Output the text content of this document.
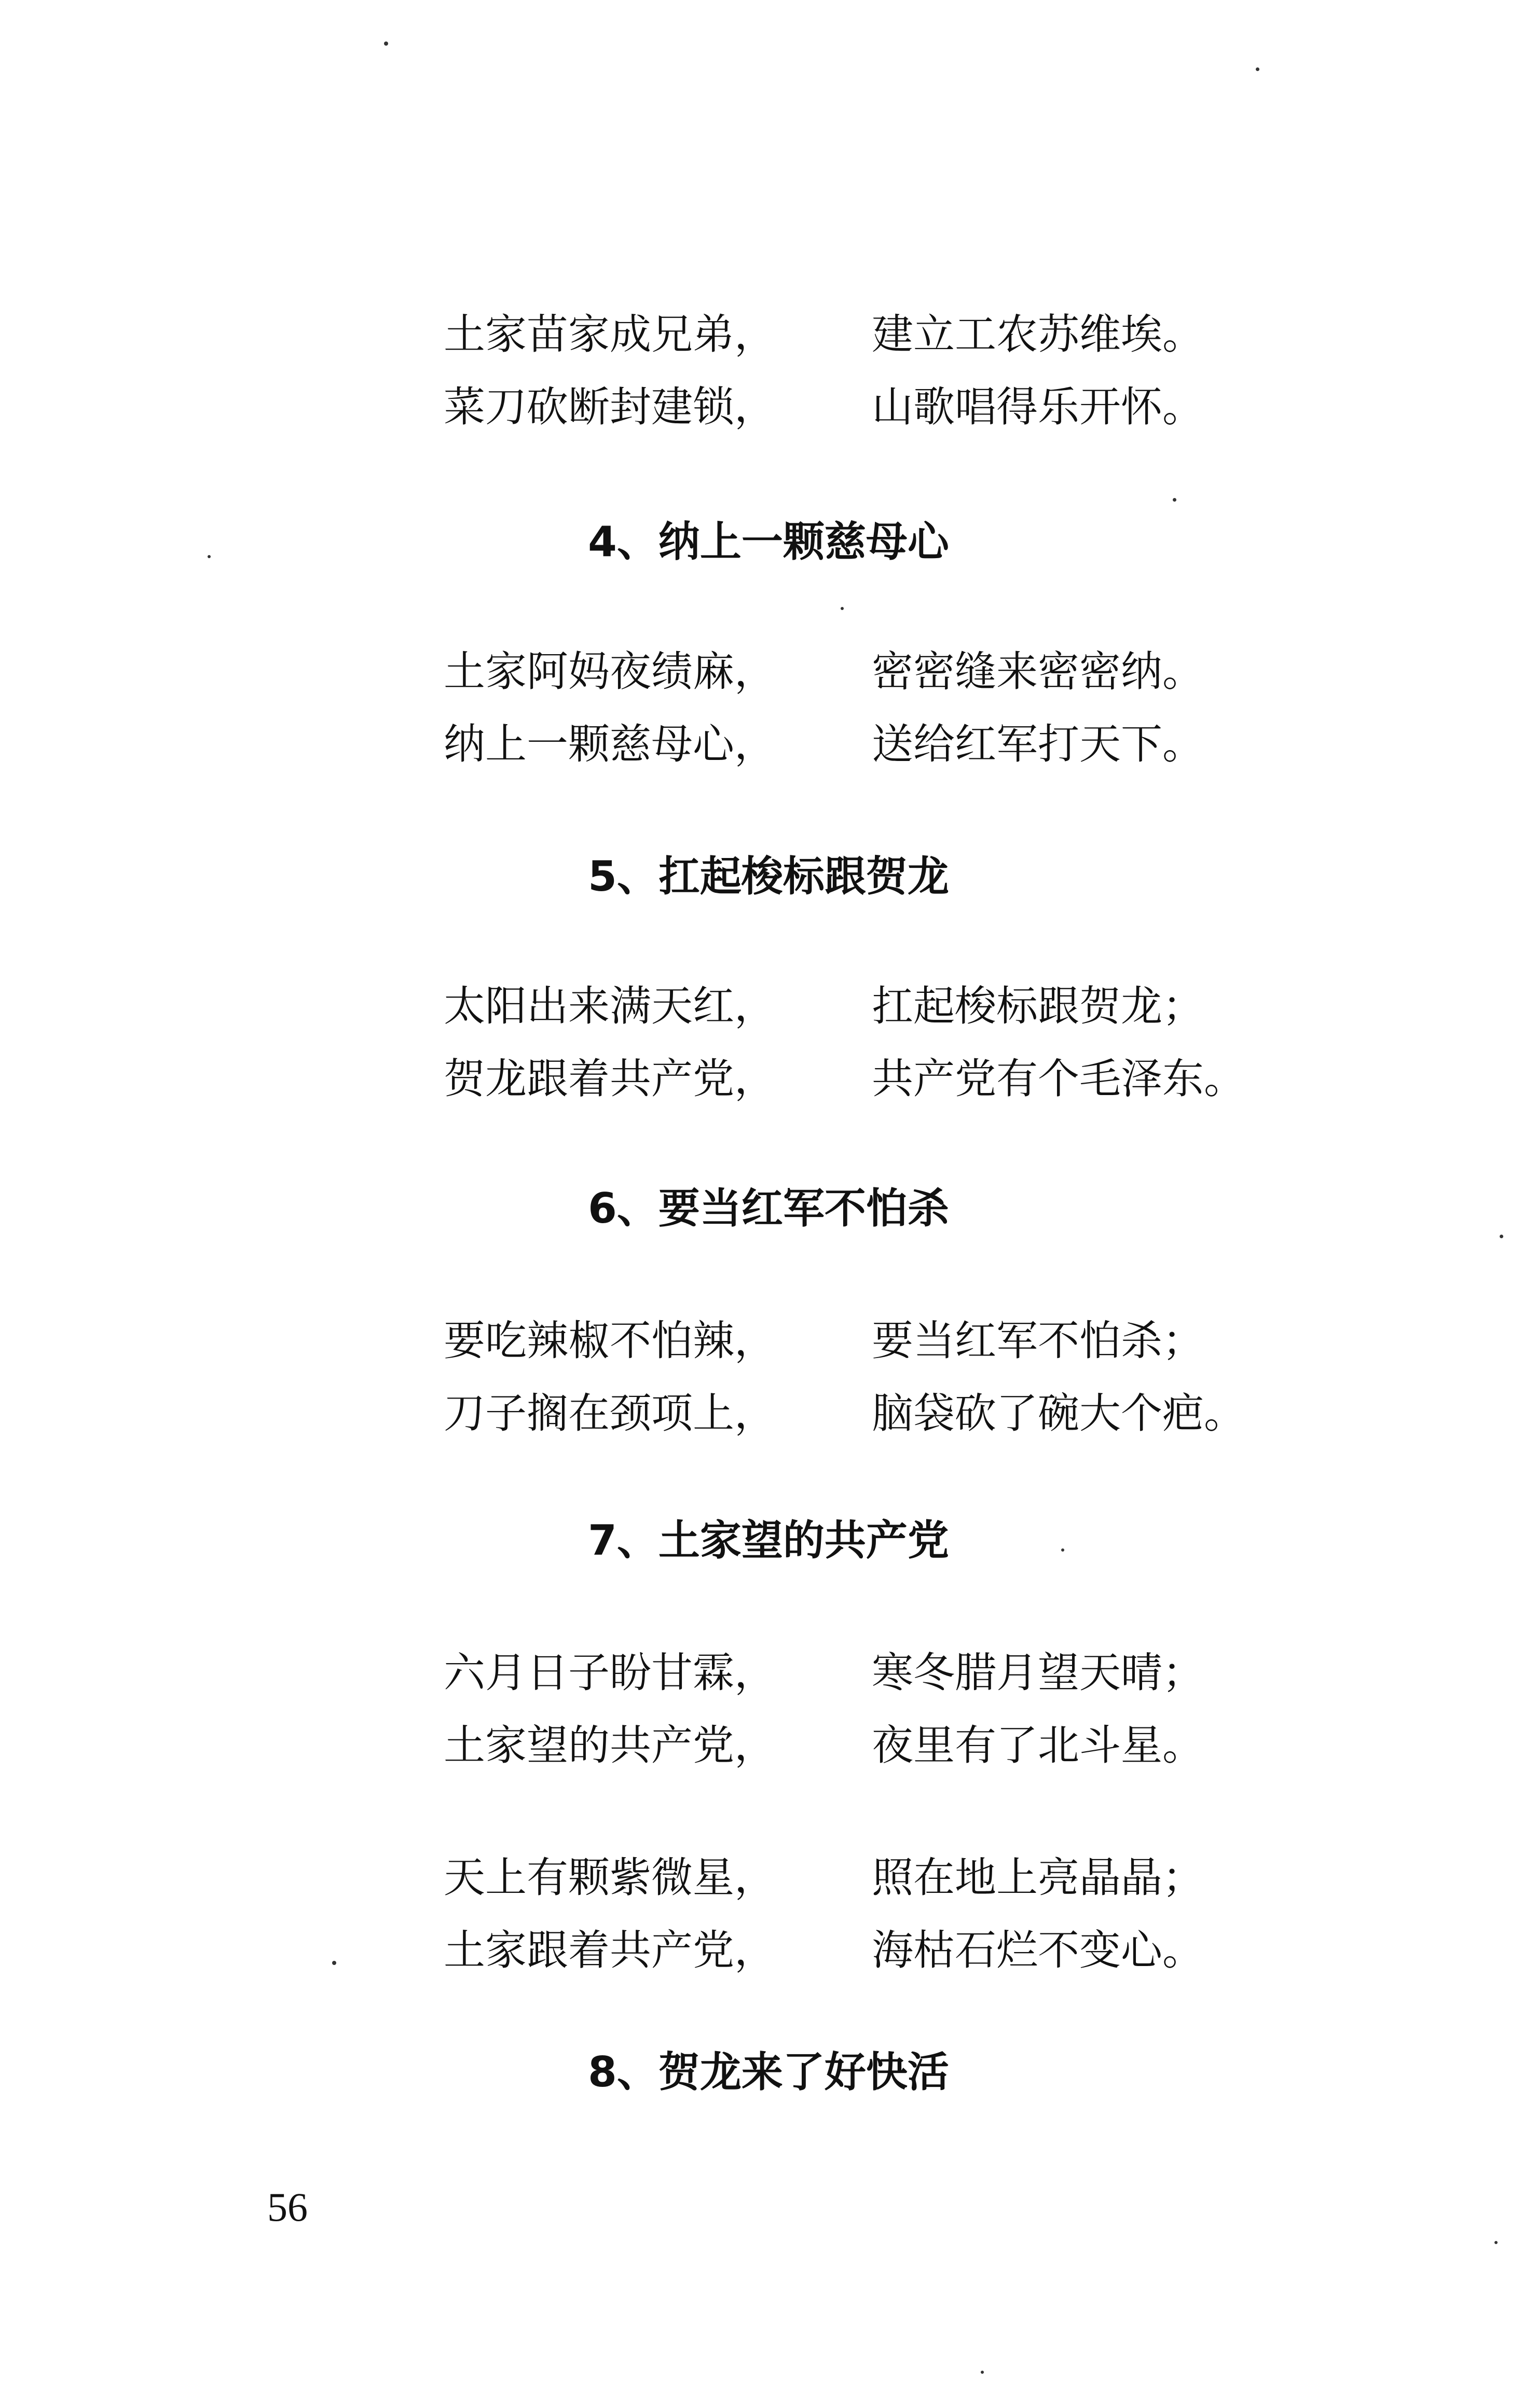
土家苗家成兄弟， 建立工农苏维埃。
菜刀砍断封建锁， 山歌唱得乐开怀。
4、纳上一颗慈母心
土家阿妈夜绩麻， 密密缝来密密纳。
纳上一颗慈母心， 送给红军打天下。
5、扛起梭标跟贺龙
太阳出来满天红， 扛起梭标跟贺龙；
贺龙跟着共产党， 共产党有个毛泽东。
6、要当红军不怕杀
要吃辣椒不怕辣， 要当红军不怕杀；
刀子搁在颈项上， 脑袋砍了碗大个疤。
7、土家望的共产党
六月日子盼甘霖， 寒冬腊月望天晴；
土家望的共产党， 夜里有了北斗星。
天上有颗紫微星， 照在地上亮晶晶；
土家跟着共产党， 海枯石烂不变心。
8、贺龙来了好快活
56
